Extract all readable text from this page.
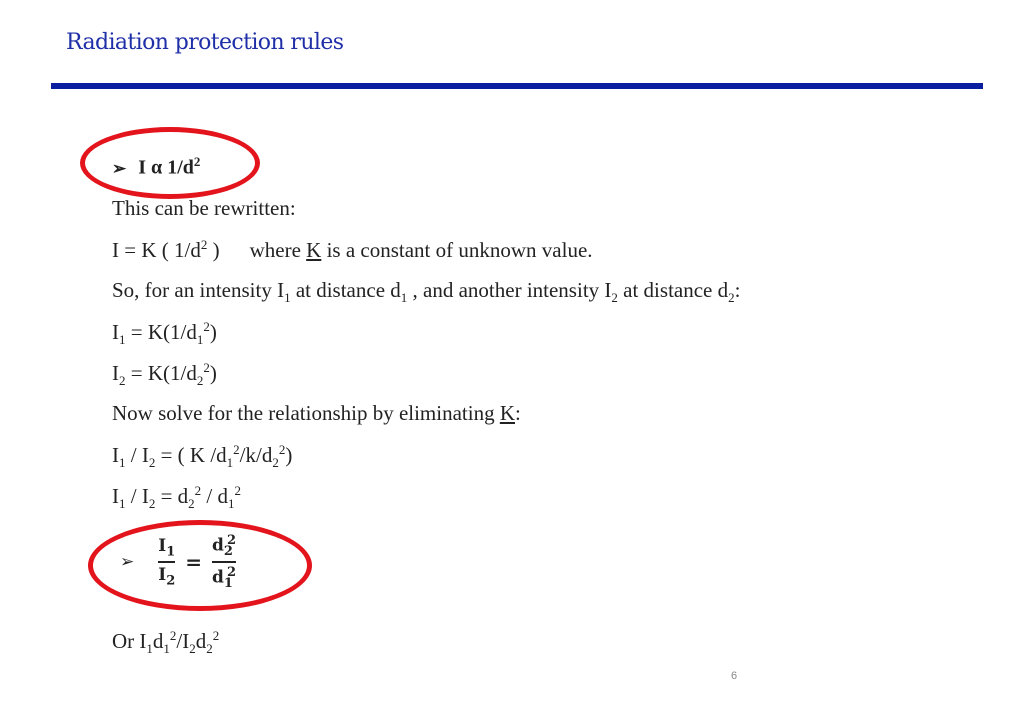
Radiation protection rules
➢ I α $1/d^2$
This can be rewritten:
I = K ( $1/d^2$ ) where K is a constant of unknown value.
So, for an intensity $I_1$ at distance $d_1$ , and another intensity $I_2$ at distance $d_2$:
$I_1 = K(1/d_1^2)$
$I_2 = K(1/d_2^2)$
Now solve for the relationship by eliminating K:
$I_1 / I_2$ = ( K $/d_1^2/k/d_2^2$)
$I_1 / I_2 = d_2^2 / d_1^2$
➢ $\frac{I_1}{I_2} = \frac{d_2^2}{d_1^2}$
Or $I_1d_1^2/I_2d_2^2$
6
